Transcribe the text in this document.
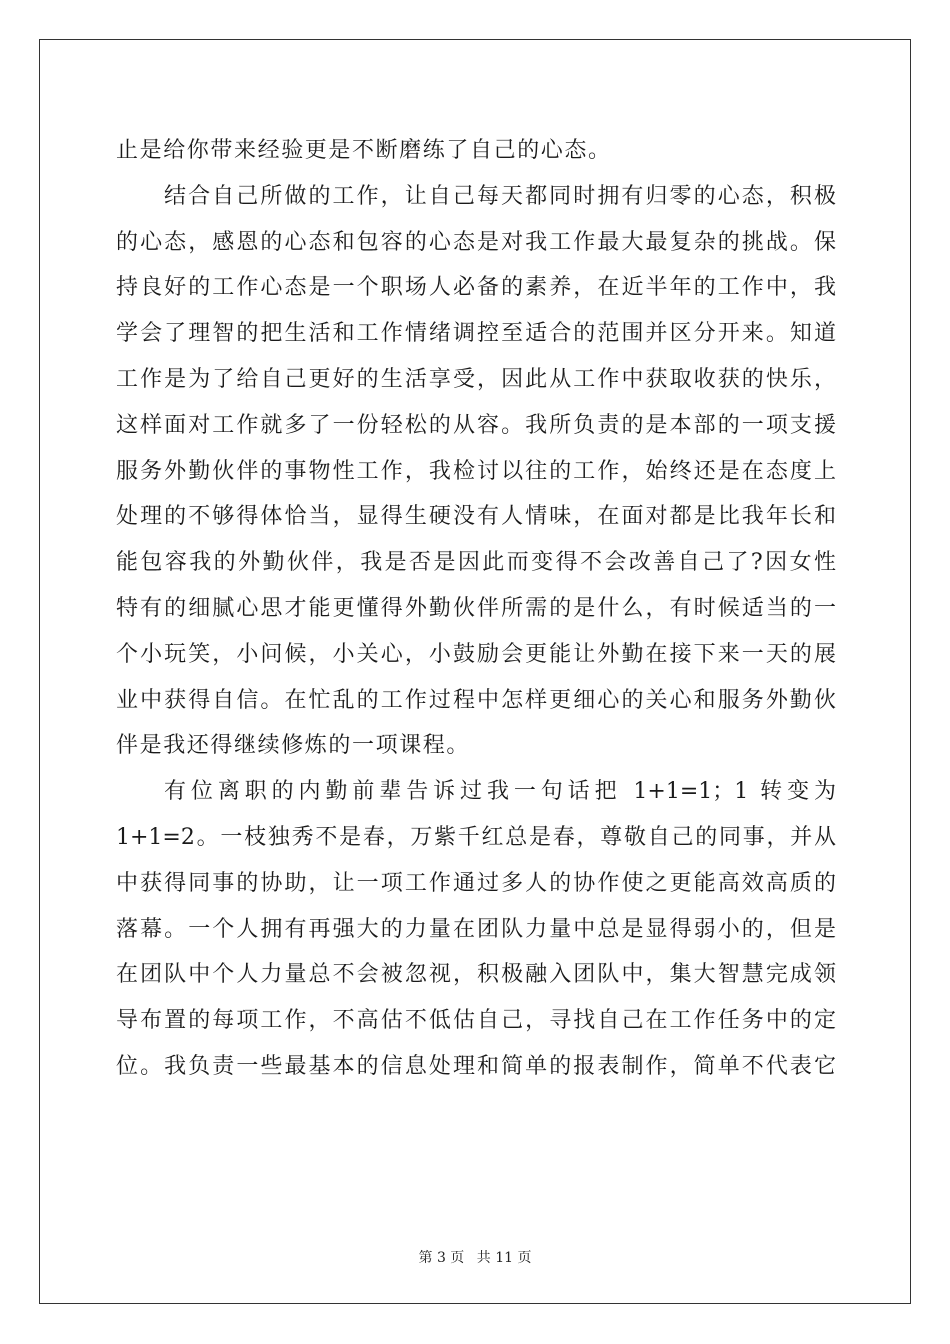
止是给你带来经验更是不断磨练了自己的心态。
结合自己所做的工作，让自己每天都同时拥有归零的心态，积极
的心态，感恩的心态和包容的心态是对我工作最大最复杂的挑战。保
持良好的工作心态是一个职场人必备的素养，在近半年的工作中，我
学会了理智的把生活和工作情绪调控至适合的范围并区分开来。知道
工作是为了给自己更好的生活享受，因此从工作中获取收获的快乐，
这样面对工作就多了一份轻松的从容。我所负责的是本部的一项支援
服务外勤伙伴的事物性工作，我检讨以往的工作，始终还是在态度上
处理的不够得体恰当，显得生硬没有人情味，在面对都是比我年长和
能包容我的外勤伙伴，我是否是因此而变得不会改善自己了?因女性
特有的细腻心思才能更懂得外勤伙伴所需的是什么，有时候适当的一
个小玩笑，小问候，小关心，小鼓励会更能让外勤在接下来一天的展
业中获得自信。在忙乱的工作过程中怎样更细心的关心和服务外勤伙
伴是我还得继续修炼的一项课程。
有位离职的内勤前辈告诉过我一句话把 1+1=1；1 转变为
1+1=2。一枝独秀不是春，万紫千红总是春，尊敬自己的同事，并从
中获得同事的协助，让一项工作通过多人的协作使之更能高效高质的
落幕。一个人拥有再强大的力量在团队力量中总是显得弱小的，但是
在团队中个人力量总不会被忽视，积极融入团队中，集大智慧完成领
导布置的每项工作，不高估不低估自己，寻找自己在工作任务中的定
位。我负责一些最基本的信息处理和简单的报表制作，简单不代表它
第 3 页 共 11 页
